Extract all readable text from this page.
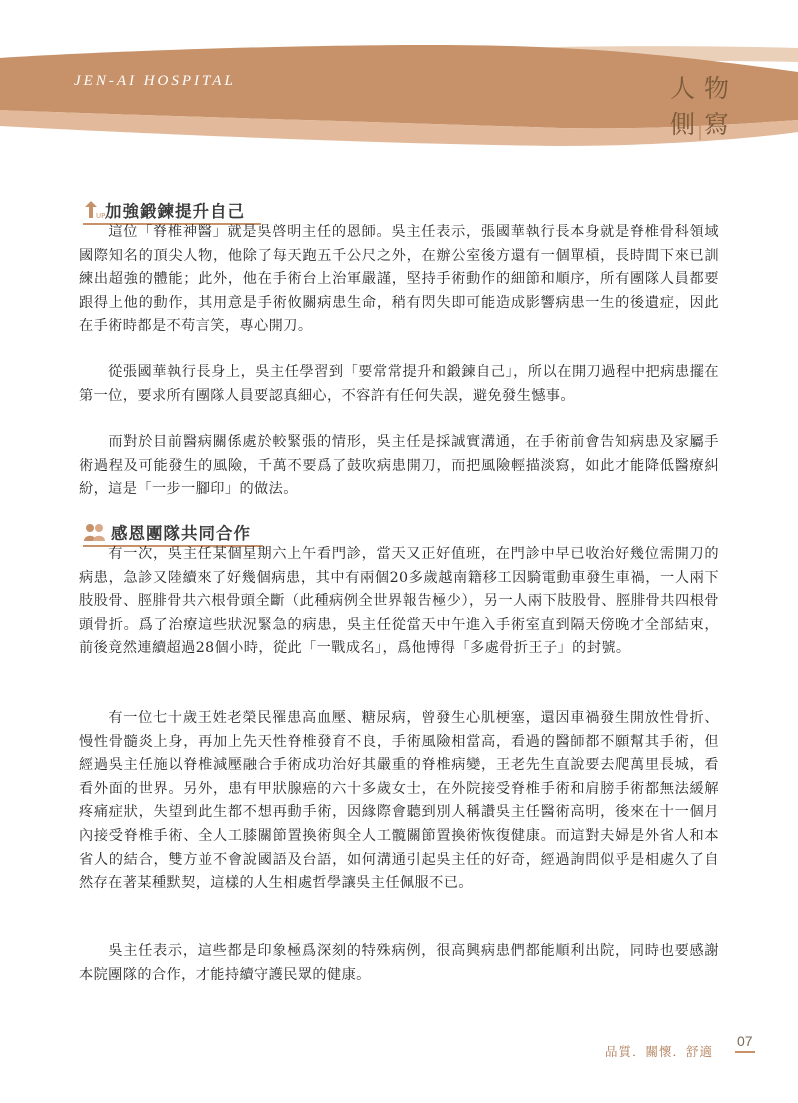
JEN-AI HOSPITAL	人 物
側 寫
UP 加強鍛鍊提升自己
這位「脊椎神醫」就是吳啓明主任的恩師。吳主任表示，張國華執行長本身就是脊椎骨科領域國際知名的頂尖人物，他除了每天跑五千公尺之外，在辦公室後方還有一個單槓，長時間下來已訓練出超強的體能；此外，他在手術台上治軍嚴謹，堅持手術動作的細節和順序，所有團隊人員都要跟得上他的動作，其用意是手術攸關病患生命，稍有閃失即可能造成影響病患一生的後遺症，因此在手術時都是不苟言笑，專心開刀。
從張國華執行長身上，吳主任學習到「要常常提升和鍛鍊自己」，所以在開刀過程中把病患擺在第一位，要求所有團隊人員要認真細心，不容許有任何失誤，避免發生憾事。
而對於目前醫病關係處於較緊張的情形，吳主任是採誠實溝通，在手術前會告知病患及家屬手術過程及可能發生的風險，千萬不要爲了鼓吹病患開刀，而把風險輕描淡寫，如此才能降低醫療糾紛，這是「一步一腳印」的做法。
感恩團隊共同合作
有一次，吳主任某個星期六上午看門診，當天又正好值班，在門診中早已收治好幾位需開刀的病患，急診又陸續來了好幾個病患，其中有兩個20多歲越南籍移工因騎電動車發生車禍，一人兩下肢股骨、脛腓骨共六根骨頭全斷（此種病例全世界報告極少），另一人兩下肢股骨、脛腓骨共四根骨頭骨折。爲了治療這些狀況緊急的病患，吳主任從當天中午進入手術室直到隔天傍晚才全部結束，前後竟然連續超過28個小時，從此「一戰成名」，爲他博得「多處骨折王子」的封號。
有一位七十歲王姓老榮民罹患高血壓、糖尿病，曾發生心肌梗塞，還因車禍發生開放性骨折、慢性骨髓炎上身，再加上先天性脊椎發育不良，手術風險相當高，看過的醫師都不願幫其手術，但經過吳主任施以脊椎減壓融合手術成功治好其嚴重的脊椎病變，王老先生直說要去爬萬里長城，看看外面的世界。另外，患有甲狀腺癌的六十多歲女士，在外院接受脊椎手術和肩膀手術都無法緩解疼痛症狀，失望到此生都不想再動手術，因緣際會聽到別人稱讚吳主任醫術高明，後來在十一個月內接受脊椎手術、全人工膝關節置換術與全人工髖關節置換術恢復健康。而這對夫婦是外省人和本省人的結合，雙方並不會說國語及台語，如何溝通引起吳主任的好奇，經過詢問似乎是相處久了自然存在著某種默契，這樣的人生相處哲學讓吳主任佩服不已。
吳主任表示，這些都是印象極爲深刻的特殊病例，很高興病患們都能順利出院，同時也要感謝本院團隊的合作，才能持續守護民眾的健康。
品質．關懷．舒適
07
